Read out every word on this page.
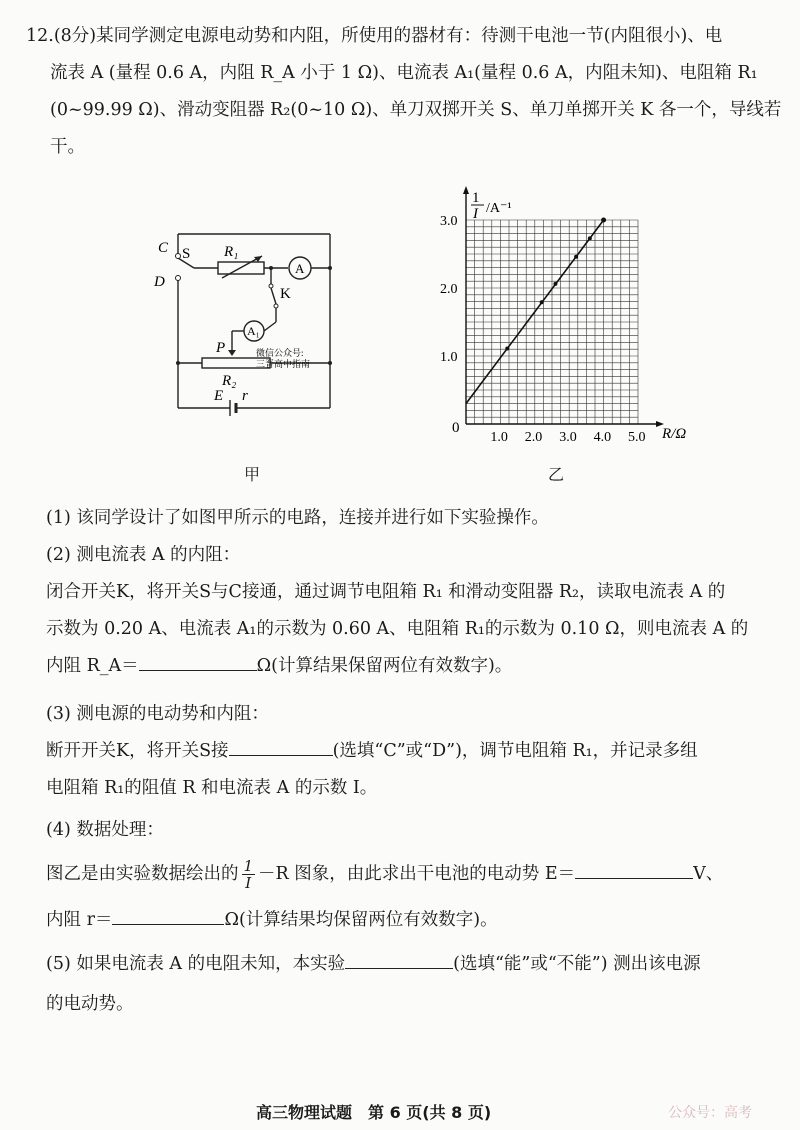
12.(8分)某同学测定电源电动势和内阻，所使用的器材有：待测干电池一节(内阻很小)、电
流表 A (量程 0.6 A，内阻 R_A 小于 1 Ω)、电流表 A₁(量程 0.6 A，内阻未知)、电阻箱 R₁
(0~99.99 Ω)、滑动变阻器 R₂(0~10 Ω)、单刀双掷开关 S、单刀单掷开关 K 各一个，导线若
干。
C
D
S R₁
A
K
A₁
P
R₂
E r
微信公众号:
三晋高中指南
甲
1.0 2.0 3.0 4.0 5.0
1.0
2.0
3.0
1
I /A⁻¹
R/Ω
0
乙
(1) 该同学设计了如图甲所示的电路，连接并进行如下实验操作。
(2) 测电流表 A 的内阻：
闭合开关K，将开关S与C接通，通过调节电阻箱 R₁ 和滑动变阻器 R₂，读取电流表 A 的
示数为 0.20 A、电流表 A₁的示数为 0.60 A、电阻箱 R₁的示数为 0.10 Ω，则电流表 A 的
内阻 R_A＝	Ω(计算结果保留两位有效数字)。
(3) 测电源的电动势和内阻：
断开开关K，将开关S接	(选填“C”或“D”)，调节电阻箱 R₁，并记录多组
电阻箱 R₁的阻值 R 和电流表 A 的示数 I。
(4) 数据处理：
图乙是由实验数据绘出的 $\frac{1}{I} -R$ 图象，由此求出干电池的电动势 E＝	V、
内阻 r＝	Ω(计算结果均保留两位有效数字)。
(5) 如果电流表 A 的电阻未知，本实验	(选填“能”或“不能”) 测出该电源
的电动势。
高三物理试题　第 6 页(共 8 页)	公众号：高考
